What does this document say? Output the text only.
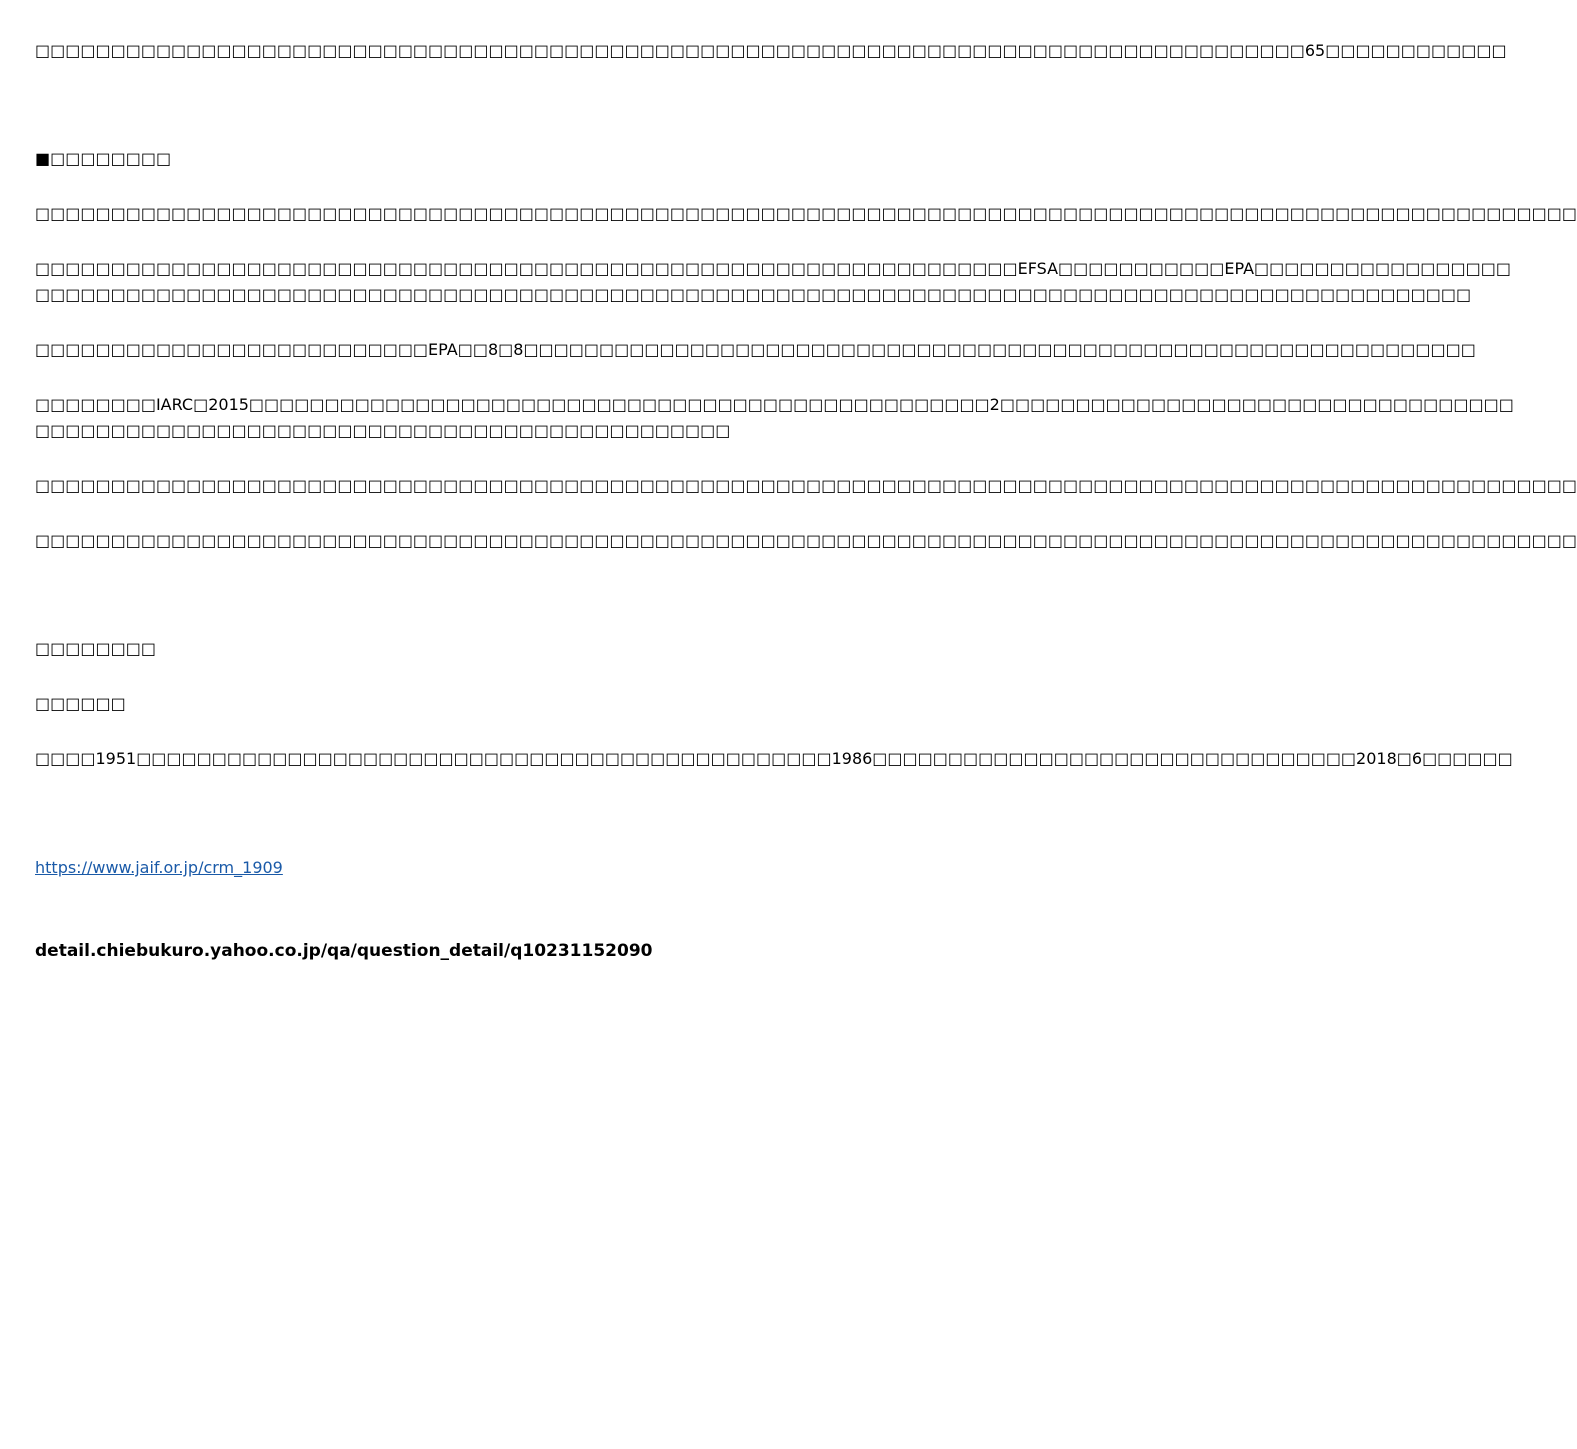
□□□□□□□□□□□□□□□□□□□□□□□□□□□□□□□□□□□□□□□□□□□□□□□□□□□□□□□□□□□□□□□□□□□□□□□□□□□□□□□□□□□□65□□□□□□□□□□□□
■□□□□□□□□
□□□□□□□□□□□□□□□□□□□□□□□□□□□□□□□□□□□□□□□□□□□□□□□□□□□□□□□□□□□□□□□□□□□□□□□□□□□□□□□□□□□□□□□□□□□□□□□□□□□□□□
□□□□□□□□□□□□□□□□□□□□□□□□□□□□□□□□□□□□□□□□□□□□□□□□□□□□□□□□□□□□□□□□□EFSA□□□□□□□□□□□EPA□□□□□□□□□□□□□□□□□
□□□□□□□□□□□□□□□□□□□□□□□□□□□□□□□□□□□□□□□□□□□□□□□□□□□□□□□□□□□□□□□□□□□□□□□□□□□□□□□□□□□□□□□□□□□□□□□
□□□□□□□□□□□□□□□□□□□□□□□□□□EPA□□8□8□□□□□□□□□□□□□□□□□□□□□□□□□□□□□□□□□□□□□□□□□□□□□□□□□□□□□□□□□□□□□□□
□□□□□□□□IARC□2015□□□□□□□□□□□□□□□□□□□□□□□□□□□□□□□□□□□□□□□□□□□□□□□□□2□□□□□□□□□□□□□□□□□□□□□□□□□□□□□□□□□□
□□□□□□□□□□□□□□□□□□□□□□□□□□□□□□□□□□□□□□□□□□□□□□
□□□□□□□□□□□□□□□□□□□□□□□□□□□□□□□□□□□□□□□□□□□□□□□□□□□□□□□□□□□□□□□□□□□□□□□□□□□□□□□□□□□□□□□□□□□□□□□□□□□□□□
□□□□□□□□□□□□□□□□□□□□□□□□□□□□□□□□□□□□□□□□□□□□□□□□□□□□□□□□□□□□□□□□□□□□□□□□□□□□□□□□□□□□□□□□□□□□□□□□□□□□□□
□□□□□□□□
□□□□□□
□□□□1951□□□□□□□□□□□□□□□□□□□□□□□□□□□□□□□□□□□□□□□□□□□□□□1986□□□□□□□□□□□□□□□□□□□□□□□□□□□□□□□□2018□6□□□□□□
https://www.jaif.or.jp/crm_1909
detail.chiebukuro.yahoo.co.jp/qa/question_detail/q10231152090
